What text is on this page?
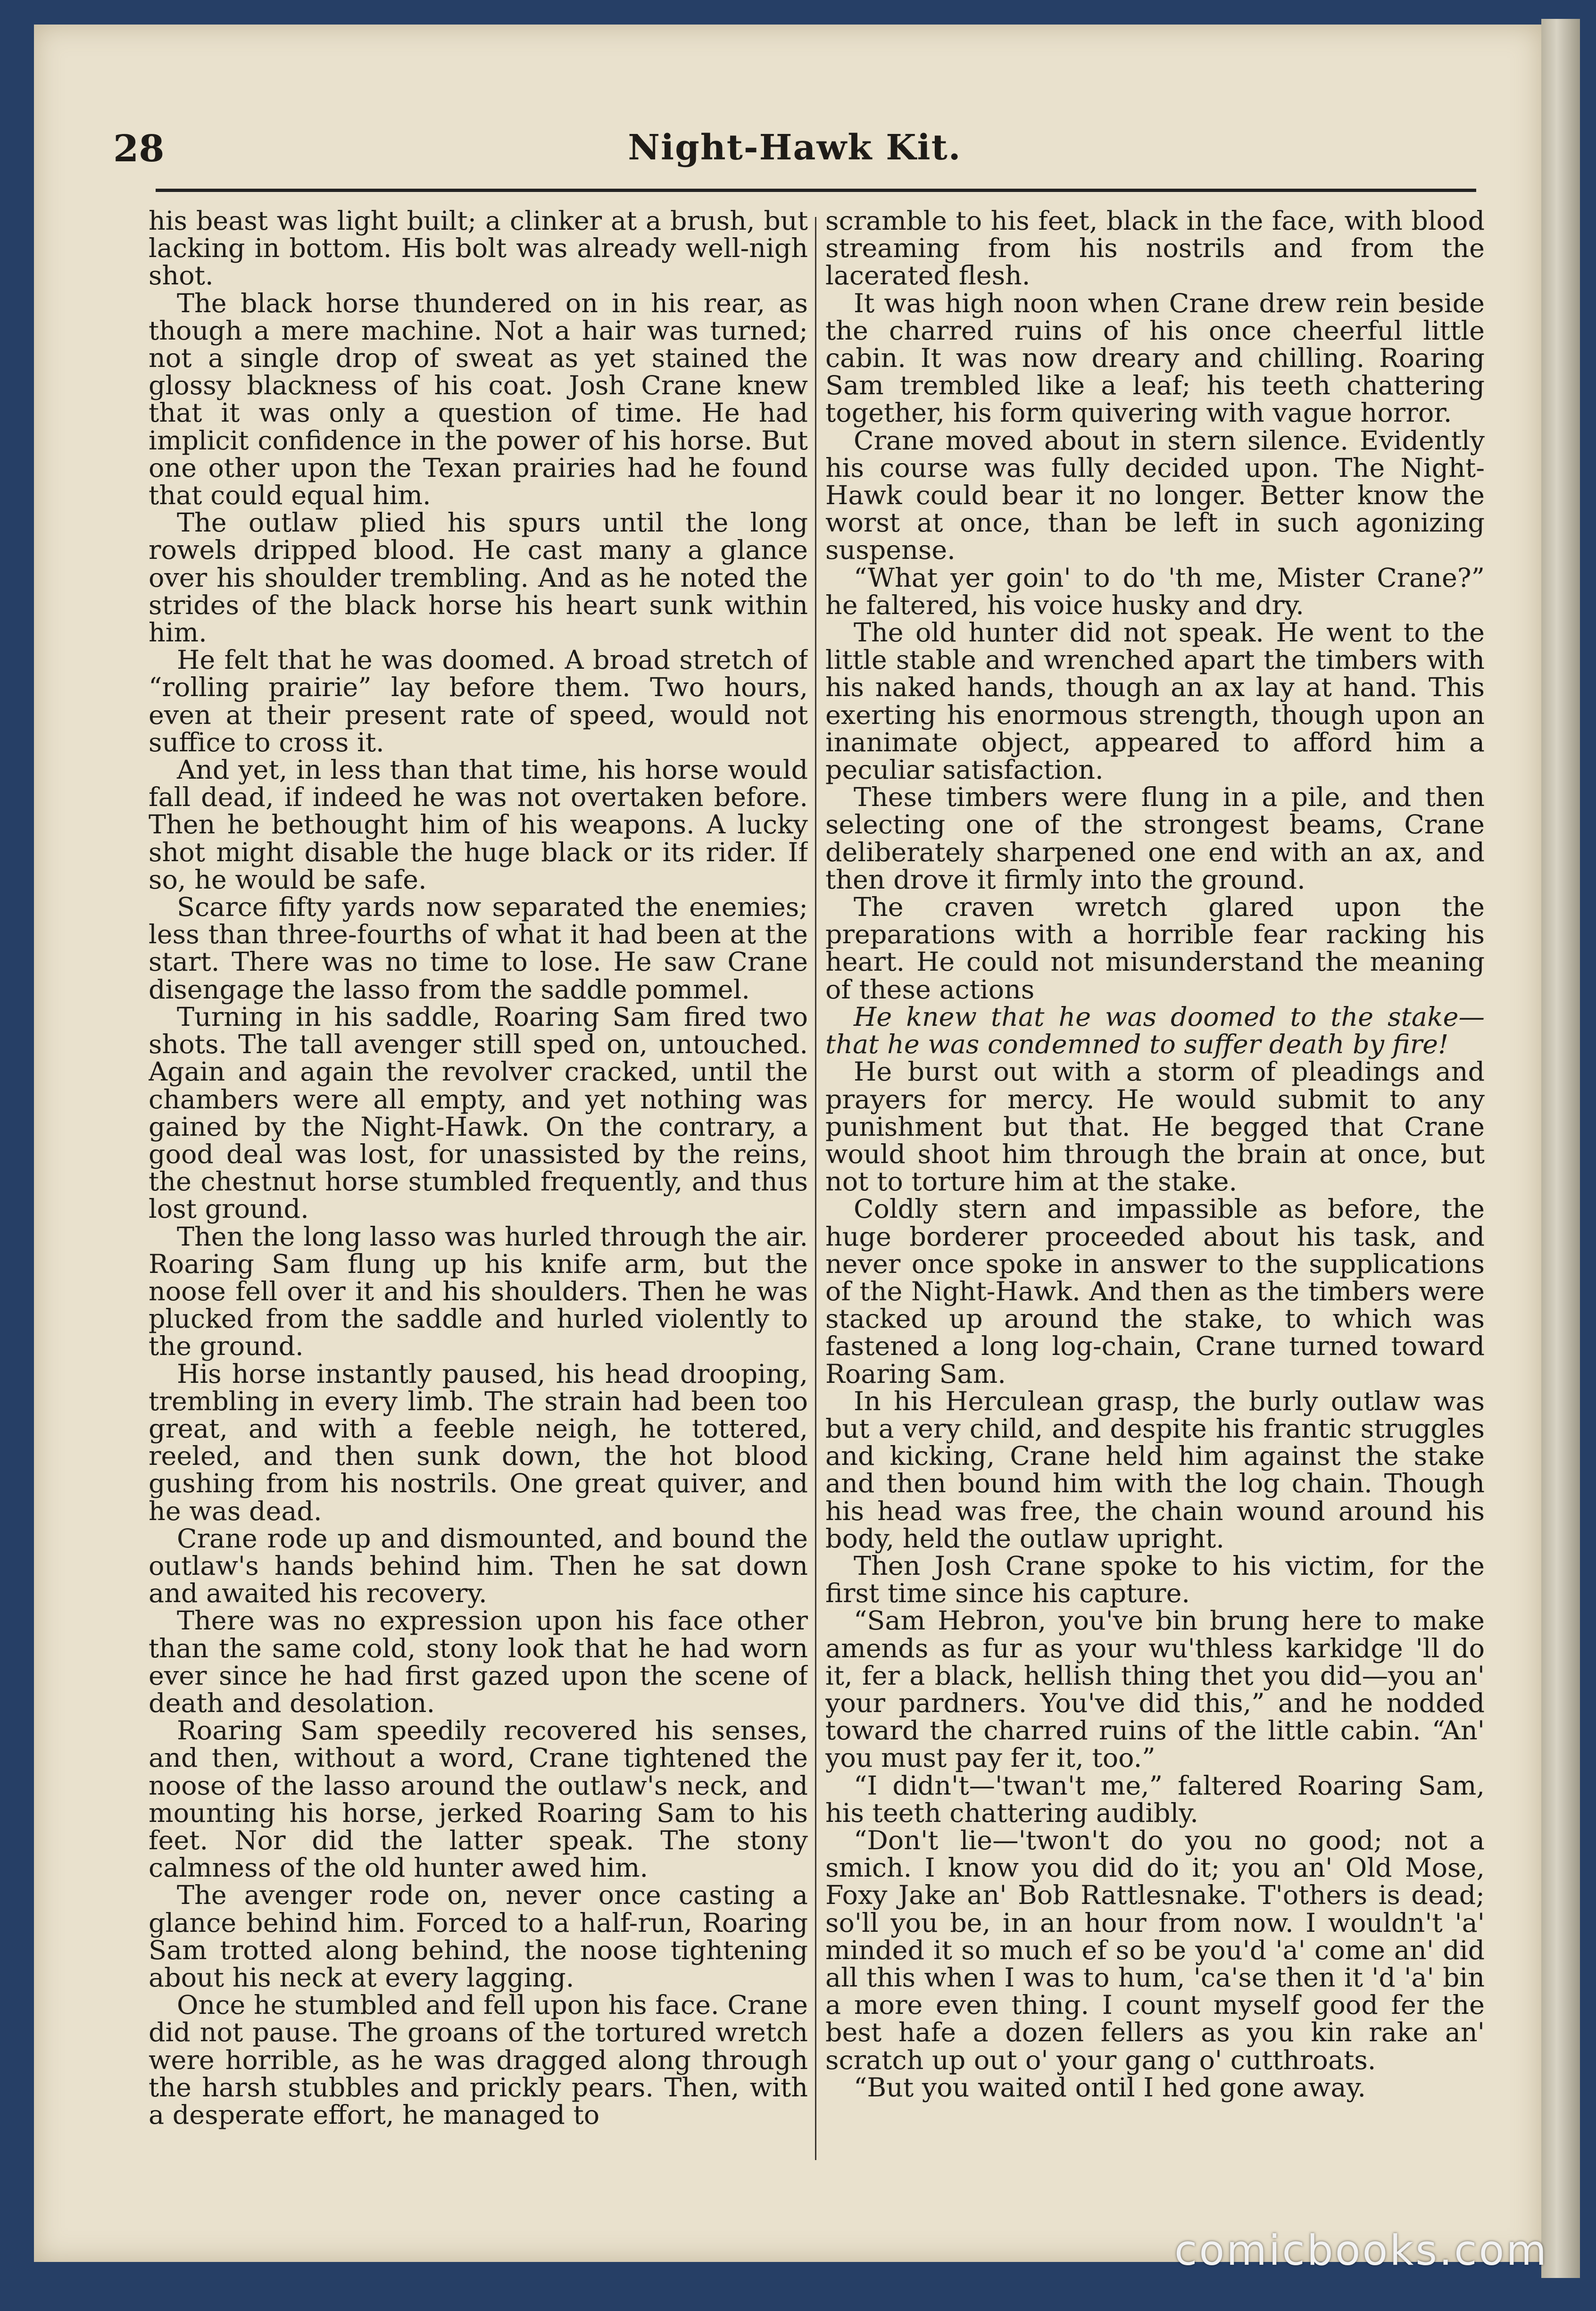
28	Night-Hawk Kit.

his beast was light built; a clinker at a brush, but lacking in bottom. His bolt was already well-nigh shot.

The black horse thundered on in his rear, as though a mere machine. Not a hair was turned; not a single drop of sweat as yet stained the glossy blackness of his coat. Josh Crane knew that it was only a question of time. He had implicit confidence in the power of his horse. But one other upon the Texan prairies had he found that could equal him.

The outlaw plied his spurs until the long rowels dripped blood. He cast many a glance over his shoulder trembling. And as he noted the strides of the black horse his heart sunk within him.

He felt that he was doomed. A broad stretch of “rolling prairie” lay before them. Two hours, even at their present rate of speed, would not suffice to cross it.

And yet, in less than that time, his horse would fall dead, if indeed he was not overtaken before. Then he bethought him of his weapons. A lucky shot might disable the huge black or its rider. If so, he would be safe.

Scarce fifty yards now separated the enemies; less than three-fourths of what it had been at the start. There was no time to lose. He saw Crane disengage the lasso from the saddle pommel.

Turning in his saddle, Roaring Sam fired two shots. The tall avenger still sped on, untouched. Again and again the revolver cracked, until the chambers were all empty, and yet nothing was gained by the Night-Hawk. On the contrary, a good deal was lost, for unassisted by the reins, the chestnut horse stumbled frequently, and thus lost ground.

Then the long lasso was hurled through the air. Roaring Sam flung up his knife arm, but the noose fell over it and his shoulders. Then he was plucked from the saddle and hurled violently to the ground.

His horse instantly paused, his head drooping, trembling in every limb. The strain had been too great, and with a feeble neigh, he tottered, reeled, and then sunk down, the hot blood gushing from his nostrils. One great quiver, and he was dead.

Crane rode up and dismounted, and bound the outlaw's hands behind him. Then he sat down and awaited his recovery.

There was no expression upon his face other than the same cold, stony look that he had worn ever since he had first gazed upon the scene of death and desolation.

Roaring Sam speedily recovered his senses, and then, without a word, Crane tightened the noose of the lasso around the outlaw's neck, and mounting his horse, jerked Roaring Sam to his feet. Nor did the latter speak. The stony calmness of the old hunter awed him.

The avenger rode on, never once casting a glance behind him. Forced to a half-run, Roaring Sam trotted along behind, the noose tightening about his neck at every lagging.

Once he stumbled and fell upon his face. Crane did not pause. The groans of the tortured wretch were horrible, as he was dragged along through the harsh stubbles and prickly pears. Then, with a desperate effort, he managed to

scramble to his feet, black in the face, with blood streaming from his nostrils and from the lacerated flesh.

It was high noon when Crane drew rein beside the charred ruins of his once cheerful little cabin. It was now dreary and chilling. Roaring Sam trembled like a leaf; his teeth chattering together, his form quivering with vague horror.

Crane moved about in stern silence. Evidently his course was fully decided upon. The Night-Hawk could bear it no longer. Better know the worst at once, than be left in such agonizing suspense.

“What yer goin' to do 'th me, Mister Crane?” he faltered, his voice husky and dry.

The old hunter did not speak. He went to the little stable and wrenched apart the timbers with his naked hands, though an ax lay at hand. This exerting his enormous strength, though upon an inanimate object, appeared to afford him a peculiar satisfaction.

These timbers were flung in a pile, and then selecting one of the strongest beams, Crane deliberately sharpened one end with an ax, and then drove it firmly into the ground.

The craven wretch glared upon the preparations with a horrible fear racking his heart. He could not misunderstand the meaning of these actions

He knew that he was doomed to the stake—that he was condemned to suffer death by fire!

He burst out with a storm of pleadings and prayers for mercy. He would submit to any punishment but that. He begged that Crane would shoot him through the brain at once, but not to torture him at the stake.

Coldly stern and impassible as before, the huge borderer proceeded about his task, and never once spoke in answer to the supplications of the Night-Hawk. And then as the timbers were stacked up around the stake, to which was fastened a long log-chain, Crane turned toward Roaring Sam.

In his Herculean grasp, the burly outlaw was but a very child, and despite his frantic struggles and kicking, Crane held him against the stake and then bound him with the log chain. Though his head was free, the chain wound around his body, held the outlaw upright.

Then Josh Crane spoke to his victim, for the first time since his capture.

“Sam Hebron, you've bin brung here to make amends as fur as your wu'thless karkidge 'll do it, fer a black, hellish thing thet you did—you an' your pardners. You've did this,” and he nodded toward the charred ruins of the little cabin. “An' you must pay fer it, too.”

“I didn't—'twan't me,” faltered Roaring Sam, his teeth chattering audibly.

“Don't lie—'twon't do you no good; not a smich. I know you did do it; you an' Old Mose, Foxy Jake an' Bob Rattlesnake. T'others is dead; so'll you be, in an hour from now. I wouldn't 'a' minded it so much ef so be you'd 'a' come an' did all this when I was to hum, 'ca'se then it 'd 'a' bin a more even thing. I count myself good fer the best hafe a dozen fellers as you kin rake an' scratch up out o' your gang o' cutthroats.

“But you waited ontil I hed gone away.

comicbooks.com
